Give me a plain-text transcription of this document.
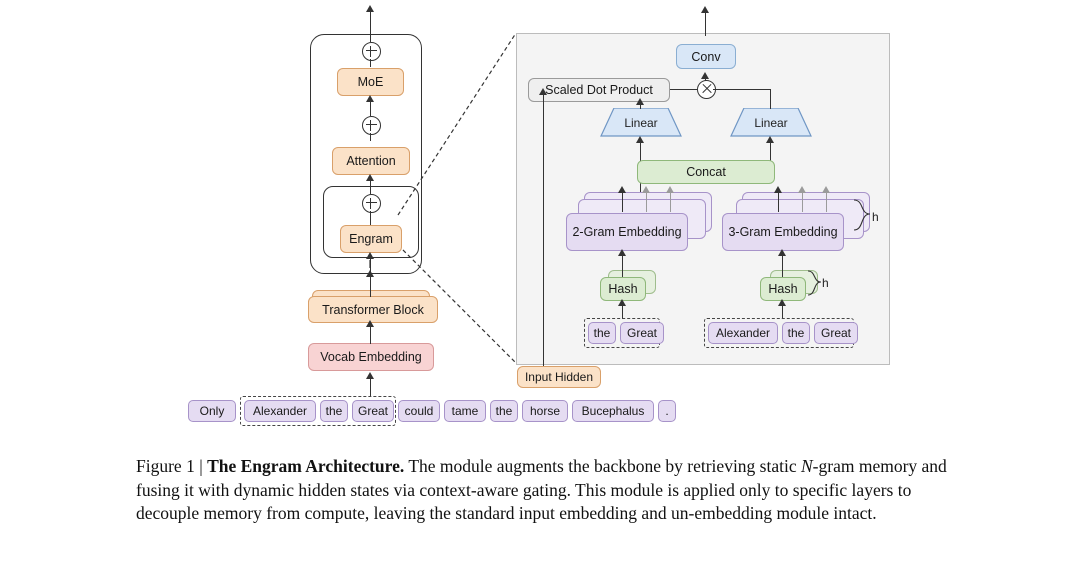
Conv
Scaled Dot Product
Linear	Linear
Concat
2-Gram Embedding	3-Gram Embedding
h
Hash	Hash	h
the	Great	Alexander	the	Great
Input Hidden
MoE
Attention
Engram
Transformer Block
Vocab Embedding
Only	Alexander	the	Great	could	tame	the	horse	Bucephalus	.
Figure 1 | The Engram Architecture. The module augments the backbone by retrieving static N-gram memory and fusing it with dynamic hidden states via context-aware gating. This module is applied only to specific layers to decouple memory from compute, leaving the standard input embedding and un-embedding module intact.
